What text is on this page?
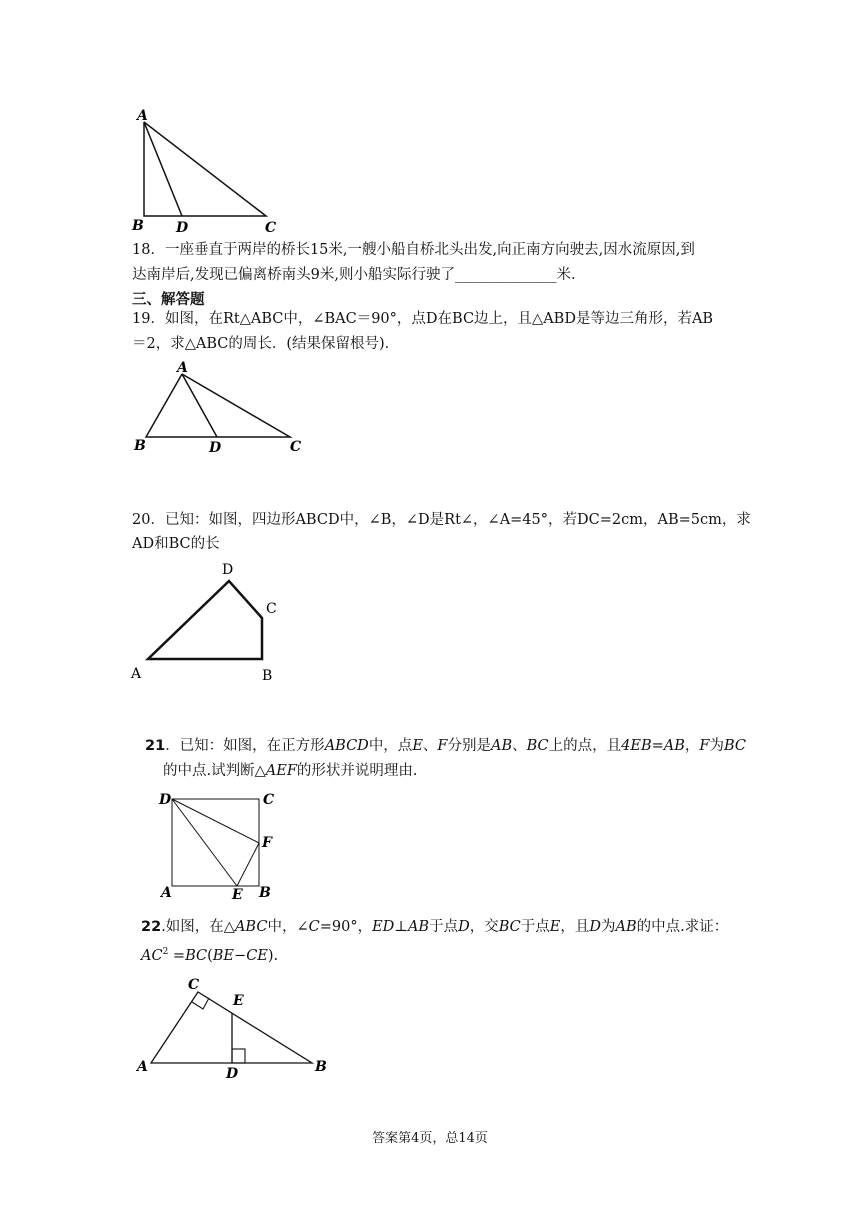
A
B D	C
18．一座垂直于两岸的桥长15米,一艘小船自桥北头出发,向正南方向驶去,因水流原因,到
达南岸后,发现已偏离桥南头9米,则小船实际行驶了______________米.
三、解答题
19．如图，在Rt△ABC中，∠BAC＝90°，点D在BC边上，且△ABD是等边三角形，若AB
＝2，求△ABC的周长．(结果保留根号)．
A
B	D	C
20．已知：如图，四边形ABCD中，∠B，∠D是Rt∠，∠A=45°，若DC=2cm，AB=5cm，求
AD和BC的长
D
C
A	B
21．已知：如图，在正方形ABCD中，点E、F分别是AB、BC上的点，且4EB=AB，F为BC
的中点.试判断△AEF的形状并说明理由.
D	C
F
A	E B
22.如图，在△ABC中，∠C=90°，ED⊥AB于点D，交BC于点E，且D为AB的中点.求证：
$AC^2 =BC(BE-CE)$.
C
E
A	D	B
答案第4页，总14页
